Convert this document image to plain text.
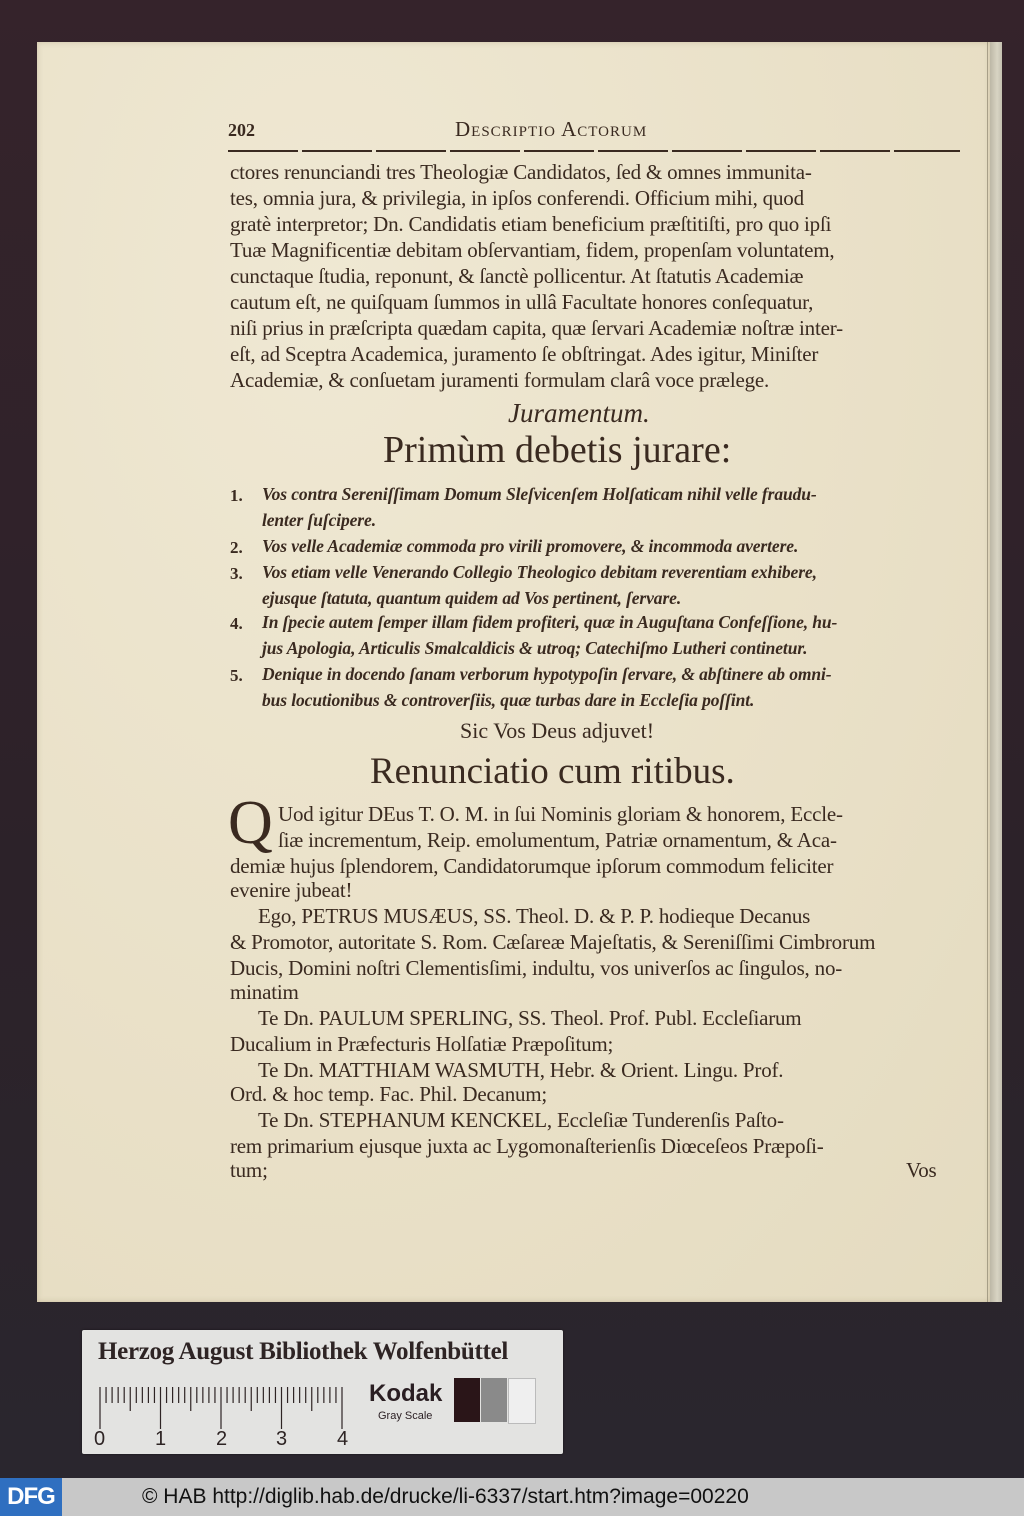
202	Descriptio Actorum
ctores renunciandi tres Theologiæ Candidatos, ſed & omnes immunita-
tes, omnia jura, & privilegia, in ipſos conferendi. Officium mihi, quod
gratè interpretor; Dn. Candidatis etiam beneficium præſtitiſti, pro quo ipſi
Tuæ Magnificentiæ debitam obſervantiam, fidem, propenſam voluntatem,
cunctaque ſtudia, reponunt, & ſanctè pollicentur. At ſtatutis Academiæ
cautum eſt, ne quiſquam ſummos in ullâ Facultate honores conſequatur,
niſi prius in præſcripta quædam capita, quæ ſervari Academiæ noſtræ inter-
eſt, ad Sceptra Academica, juramento ſe obſtringat. Ades igitur, Miniſter
Academiæ, & conſuetam juramenti formulam clarâ voce prælege.
Juramentum.
Primùm debetis jurare:
1. Vos contra Sereniſſimam Domum Sleſvicenſem Holſaticam nihil velle fraudu-
lenter ſuſcipere.
2. Vos velle Academiæ commoda pro virili promovere, & incommoda avertere.
3. Vos etiam velle Venerando Collegio Theologico debitam reverentiam exhibere,
ejusque ſtatuta, quantum quidem ad Vos pertinent, ſervare.
4. In ſpecie autem ſemper illam fidem profiteri, quæ in Auguſtana Confeſſione, hu-
jus Apologia, Articulis Smalcaldicis & utroq; Catechiſmo Lutheri continetur.
5. Denique in docendo ſanam verborum hypotypoſin ſervare, & abſtinere ab omni-
bus locutionibus & controverſiis, quæ turbas dare in Eccleſia poſſint.
Sic Vos Deus adjuvet!
Renunciatio cum ritibus.
Q Uod igitur DEus T. O. M. in ſui Nominis gloriam & honorem, Eccle-
ſiæ incrementum, Reip. emolumentum, Patriæ ornamentum, & Aca-
demiæ hujus ſplendorem, Candidatorumque ipſorum commodum feliciter
evenire jubeat!
Ego, PETRUS MUSÆUS, SS. Theol. D. & P. P. hodieque Decanus
& Promotor, autoritate S. Rom. Cæſareæ Majeſtatis, & Sereniſſimi Cimbrorum
Ducis, Domini noſtri Clementisſimi, indultu, vos univerſos ac ſingulos, no-
minatim
Te Dn. PAULUM SPERLING, SS. Theol. Prof. Publ. Eccleſiarum
Ducalium in Præfecturis Holſatiæ Præpoſitum;
Te Dn. MATTHIAM WASMUTH, Hebr. & Orient. Lingu. Prof.
Ord. & hoc temp. Fac. Phil. Decanum;
Te Dn. STEPHANUM KENCKEL, Eccleſiæ Tunderenſis Paſto-
rem primarium ejusque juxta ac Lygomonaſterienſis Diœceſeos Præpoſi-
tum;	Vos
Herzog August Bibliothek Wolfenbüttel
0 1 2 3 4
Kodak
Gray Scale
DFG	© HAB http://diglib.hab.de/drucke/li-6337/start.htm?image=00220
